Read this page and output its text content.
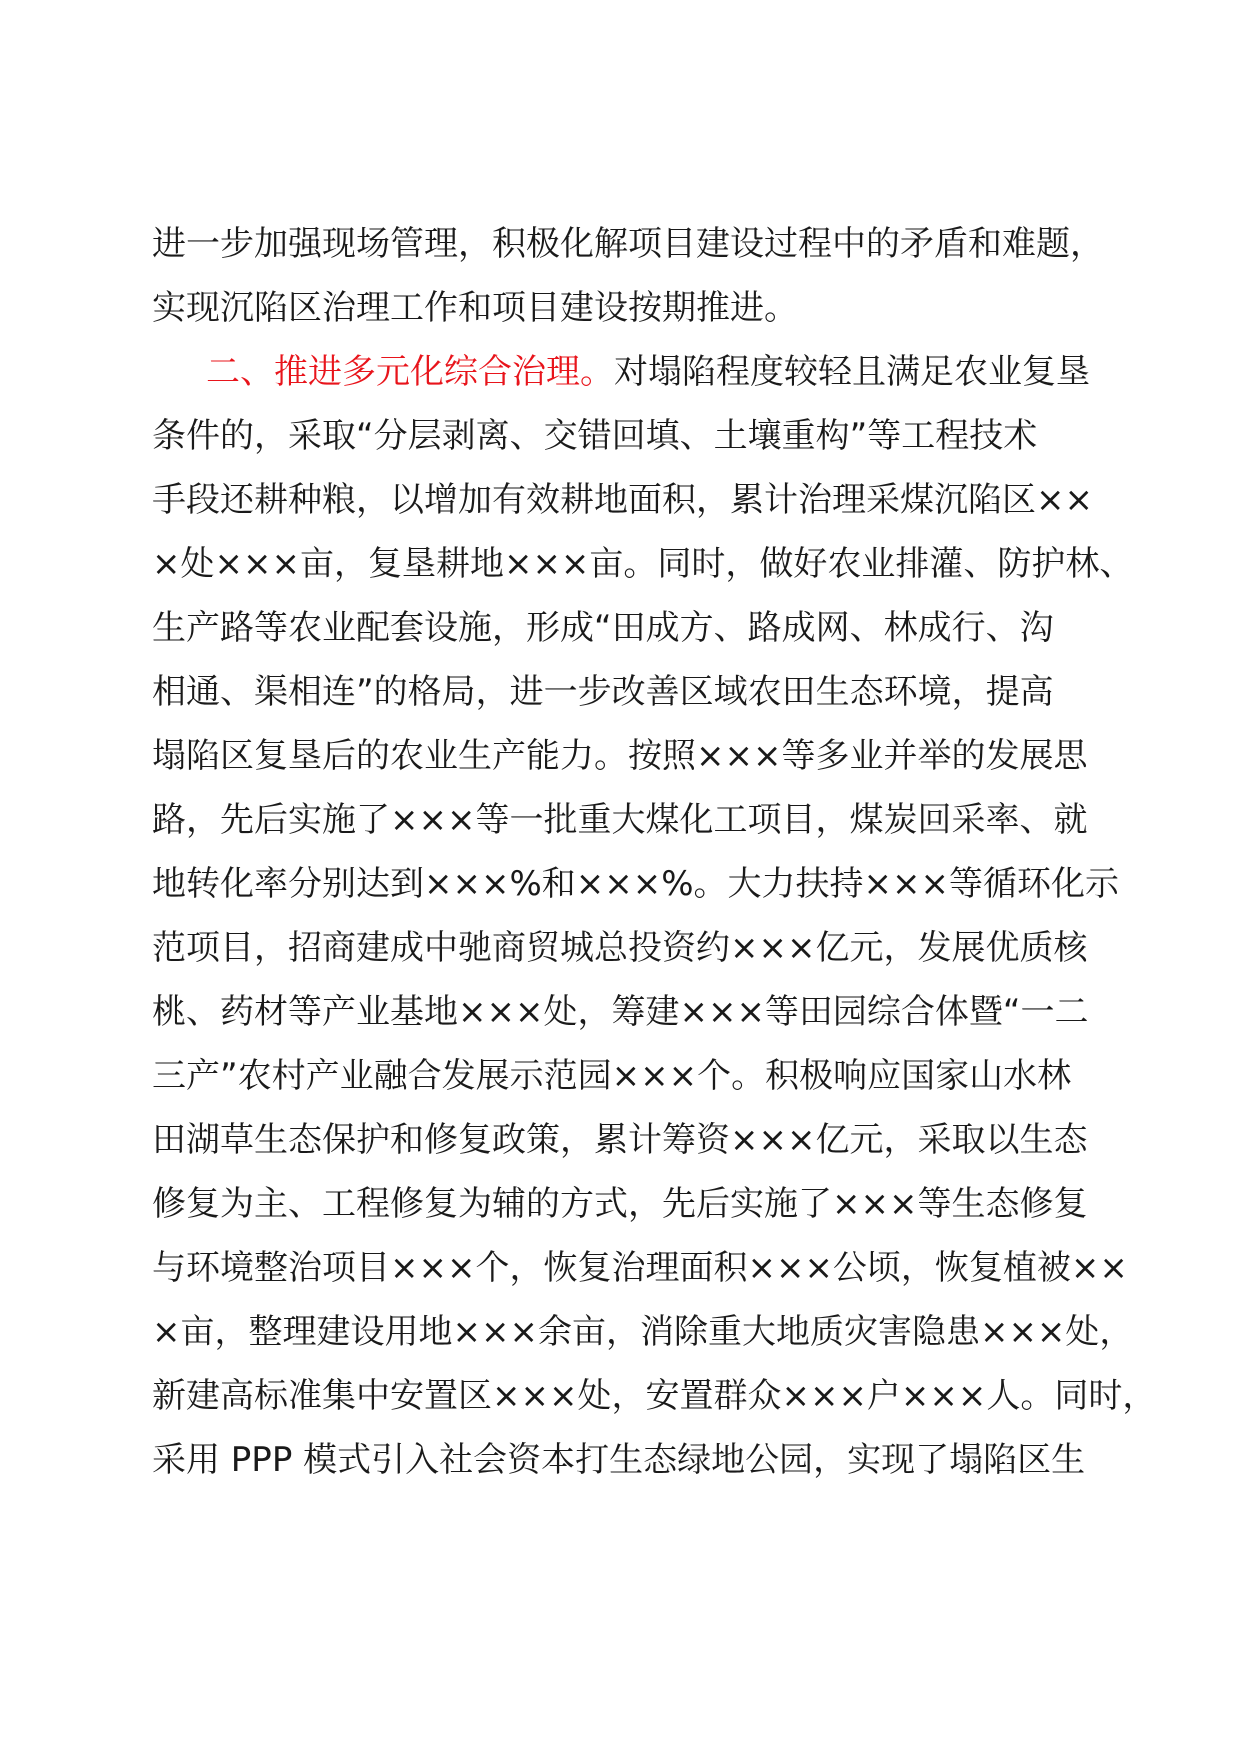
进一步加强现场管理，积极化解项目建设过程中的矛盾和难题，
实现沉陷区治理工作和项目建设按期推进。
二、推进多元化综合治理。对塌陷程度较轻且满足农业复垦
条件的，采取“分层剥离、交错回填、土壤重构”等工程技术
手段还耕种粮，以增加有效耕地面积，累计治理采煤沉陷区××
×处×××亩，复垦耕地×××亩。同时，做好农业排灌、防护林、
生产路等农业配套设施，形成“田成方、路成网、林成行、沟
相通、渠相连”的格局，进一步改善区域农田生态环境，提高
塌陷区复垦后的农业生产能力。按照×××等多业并举的发展思
路，先后实施了×××等一批重大煤化工项目，煤炭回采率、就
地转化率分别达到×××%和×××%。大力扶持×××等循环化示
范项目，招商建成中驰商贸城总投资约×××亿元，发展优质核
桃、药材等产业基地×××处，筹建×××等田园综合体暨“一二
三产”农村产业融合发展示范园×××个。积极响应国家山水林
田湖草生态保护和修复政策，累计筹资×××亿元，采取以生态
修复为主、工程修复为辅的方式，先后实施了×××等生态修复
与环境整治项目×××个，恢复治理面积×××公顷，恢复植被××
×亩，整理建设用地×××余亩，消除重大地质灾害隐患×××处，
新建高标准集中安置区×××处，安置群众×××户×××人。同时，
采用 PPP 模式引入社会资本打生态绿地公园，实现了塌陷区生
